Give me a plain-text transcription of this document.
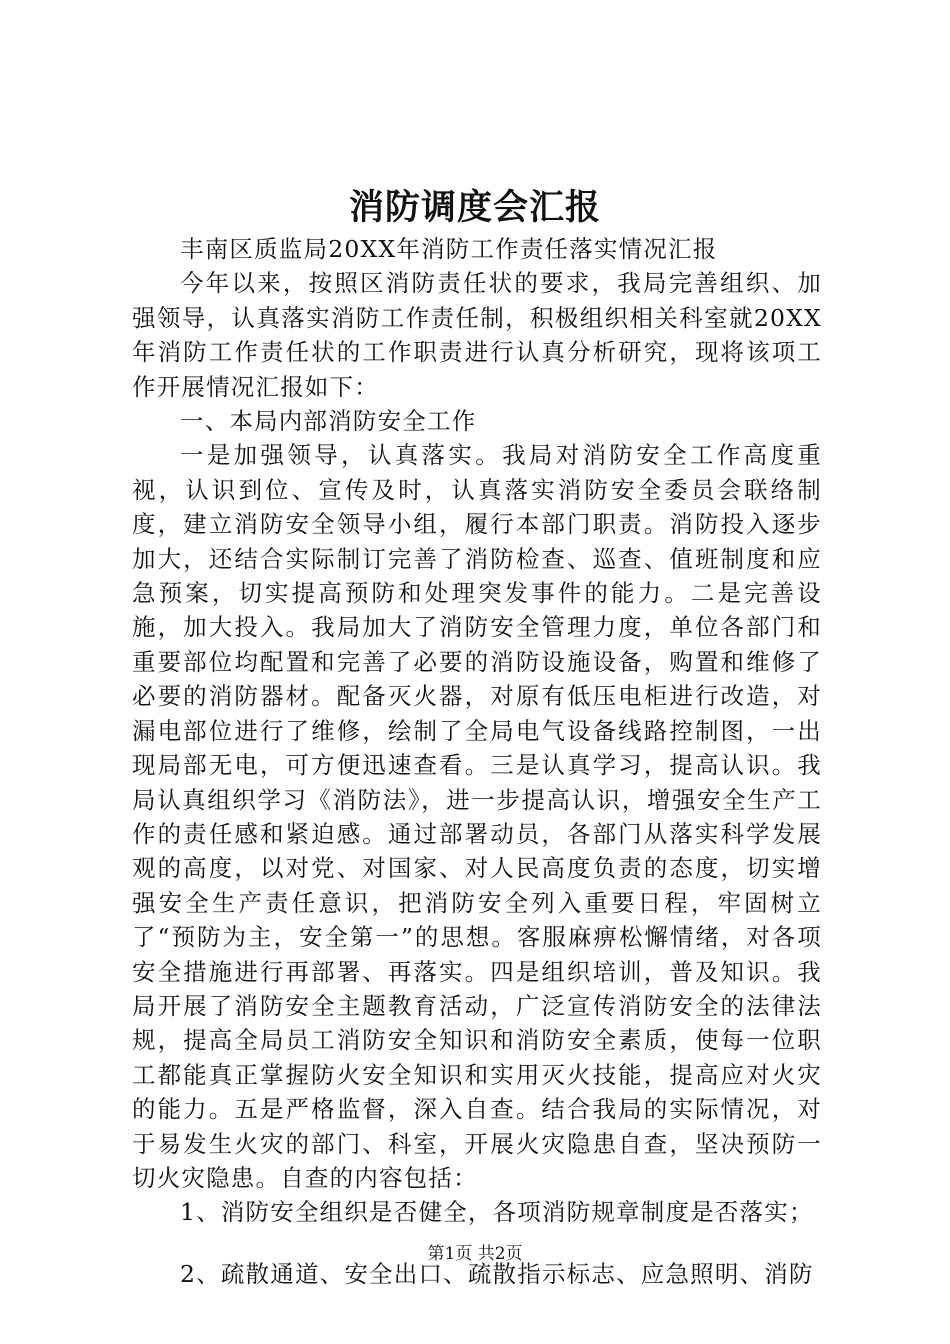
消防调度会汇报

丰南区质监局20XX年消防工作责任落实情况汇报

今年以来，按照区消防责任状的要求，我局完善组织、加强领导，认真落实消防工作责任制，积极组织相关科室就20XX年消防工作责任状的工作职责进行认真分析研究，现将该项工作开展情况汇报如下：

一、本局内部消防安全工作

一是加强领导，认真落实。我局对消防安全工作高度重视，认识到位、宣传及时，认真落实消防安全委员会联络制度，建立消防安全领导小组，履行本部门职责。消防投入逐步加大，还结合实际制订完善了消防检查、巡查、值班制度和应急预案，切实提高预防和处理突发事件的能力。二是完善设施，加大投入。我局加大了消防安全管理力度，单位各部门和重要部位均配置和完善了必要的消防设施设备，购置和维修了必要的消防器材。配备灭火器，对原有低压电柜进行改造，对漏电部位进行了维修，绘制了全局电气设备线路控制图，一出现局部无电，可方便迅速查看。三是认真学习，提高认识。我局认真组织学习《消防法》，进一步提高认识，增强安全生产工作的责任感和紧迫感。通过部署动员，各部门从落实科学发展观的高度，以对党、对国家、对人民高度负责的态度，切实增强安全生产责任意识，把消防安全列入重要日程，牢固树立了“预防为主，安全第一”的思想。客服麻痹松懈情绪，对各项安全措施进行再部署、再落实。四是组织培训，普及知识。我局开展了消防安全主题教育活动，广泛宣传消防安全的法律法规，提高全局员工消防安全知识和消防安全素质，使每一位职工都能真正掌握防火安全知识和实用灭火技能，提高应对火灾的能力。五是严格监督，深入自查。结合我局的实际情况，对于易发生火灾的部门、科室，开展火灾隐患自查，坚决预防一切火灾隐患。自查的内容包括：

1、消防安全组织是否健全，各项消防规章制度是否落实；

2、疏散通道、安全出口、疏散指示标志、应急照明、消防

第1页 共2页
